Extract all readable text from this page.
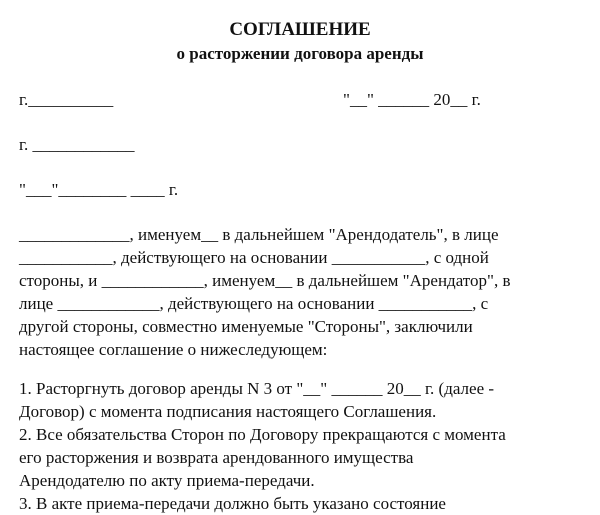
СОГЛАШЕНИЕ
о расторжении договора аренды
г.__________	"__" ______ 20__ г.
г. ____________
"___"________ ____ г.
_____________, именуем__ в дальнейшем "Арендодатель", в лице
___________, действующего на основании ___________, с одной
стороны, и ____________, именуем__ в дальнейшем "Арендатор", в
лице ____________, действующего на основании ___________, с
другой стороны, совместно именуемые "Стороны", заключили
настоящее соглашение о нижеследующем:
1. Расторгнуть договор аренды N 3 от "__" ______ 20__ г. (далее -
Договор) с момента подписания настоящего Соглашения.
2. Все обязательства Сторон по Договору прекращаются с момента
его расторжения и возврата арендованного имущества
Арендодателю по акту приема-передачи.
3. В акте приема-передачи должно быть указано состояние
